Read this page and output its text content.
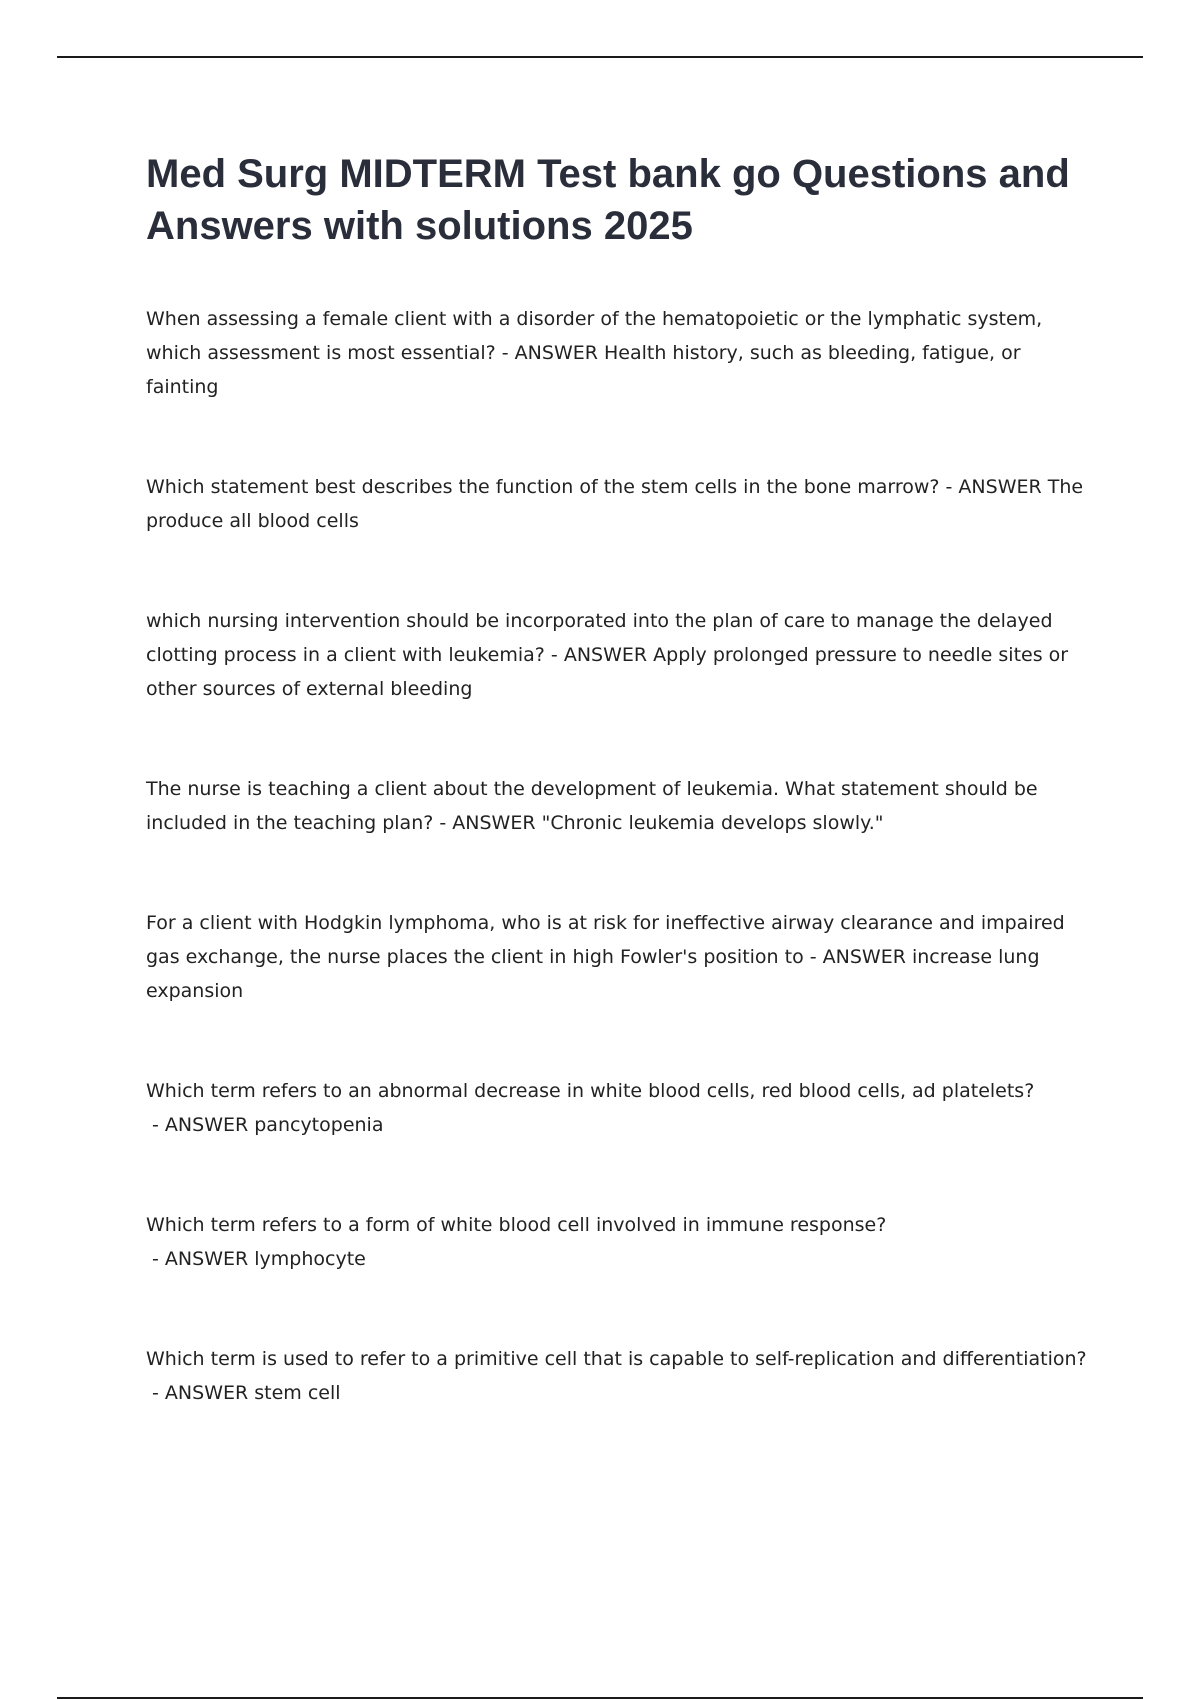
Med Surg MIDTERM Test bank go Questions and Answers with solutions 2025

When assessing a female client with a disorder of the hematopoietic or the lymphatic system, which assessment is most essential? - ANSWER Health history, such as bleeding, fatigue, or fainting

Which statement best describes the function of the stem cells in the bone marrow? - ANSWER The produce all blood cells

which nursing intervention should be incorporated into the plan of care to manage the delayed clotting process in a client with leukemia? - ANSWER Apply prolonged pressure to needle sites or other sources of external bleeding

The nurse is teaching a client about the development of leukemia. What statement should be included in the teaching plan? - ANSWER "Chronic leukemia develops slowly."

For a client with Hodgkin lymphoma, who is at risk for ineffective airway clearance and impaired gas exchange, the nurse places the client in high Fowler's position to - ANSWER increase lung expansion

Which term refers to an abnormal decrease in white blood cells, red blood cells, ad platelets? - ANSWER pancytopenia

Which term refers to a form of white blood cell involved in immune response? - ANSWER lymphocyte

Which term is used to refer to a primitive cell that is capable to self-replication and differentiation? - ANSWER stem cell
